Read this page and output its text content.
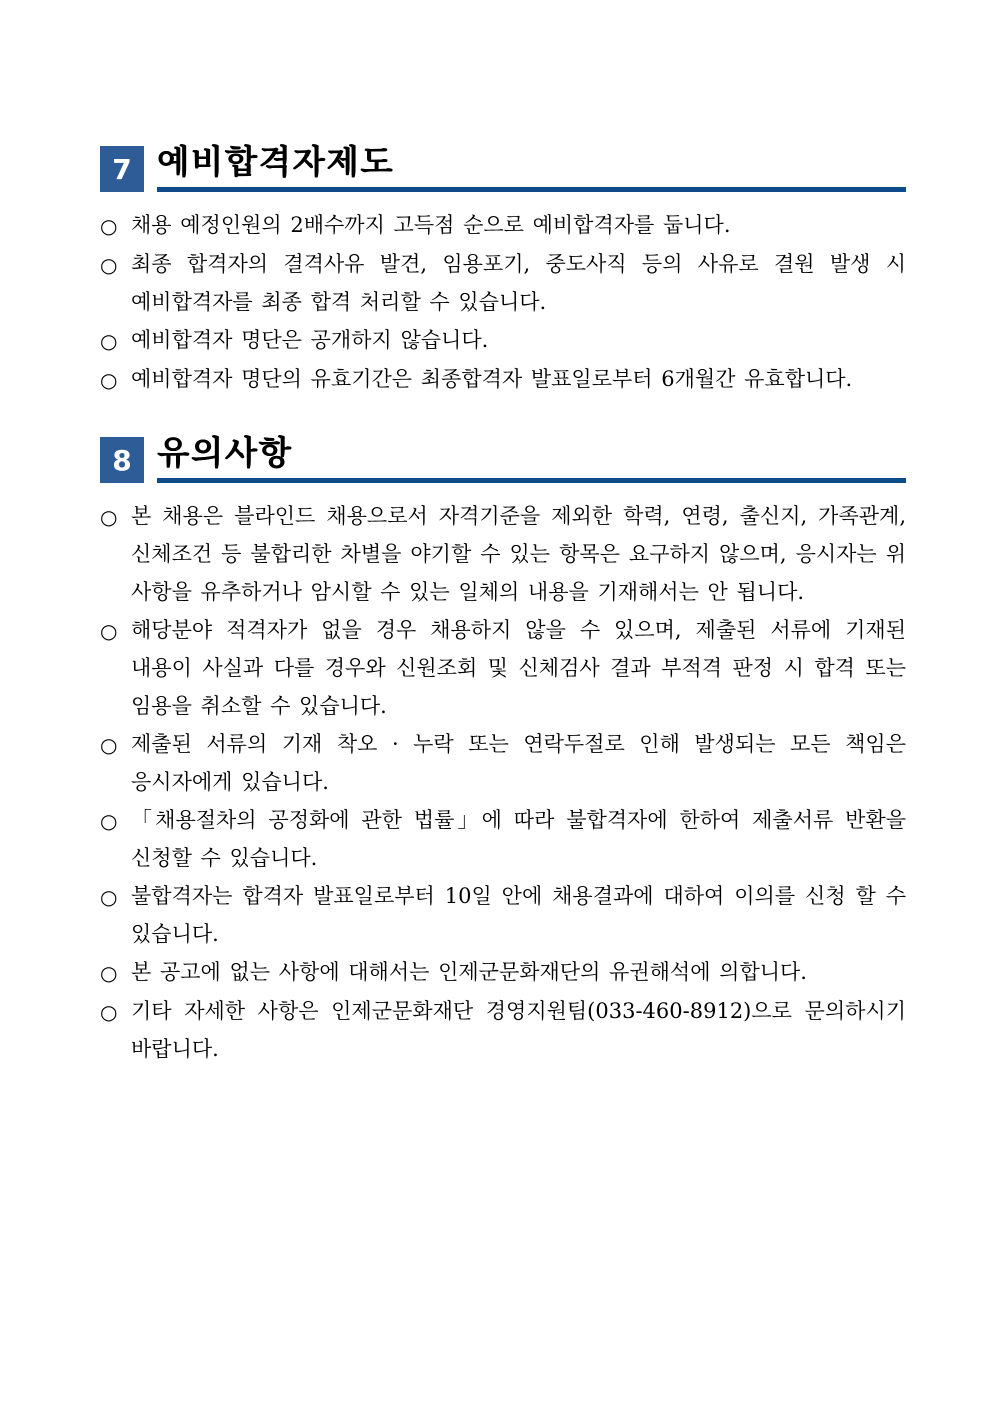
7 예비합격자제도
○ 채용 예정인원의 2배수까지 고득점 순으로 예비합격자를 둡니다.
○ 최종 합격자의 결격사유 발견, 임용포기, 중도사직 등의 사유로 결원 발생 시 예비합격자를 최종 합격 처리할 수 있습니다.
○ 예비합격자 명단은 공개하지 않습니다.
○ 예비합격자 명단의 유효기간은 최종합격자 발표일로부터 6개월간 유효합니다.
8 유의사항
○ 본 채용은 블라인드 채용으로서 자격기준을 제외한 학력, 연령, 출신지, 가족관계, 신체조건 등 불합리한 차별을 야기할 수 있는 항목은 요구하지 않으며, 응시자는 위 사항을 유추하거나 암시할 수 있는 일체의 내용을 기재해서는 안 됩니다.
○ 해당분야 적격자가 없을 경우 채용하지 않을 수 있으며, 제출된 서류에 기재된 내용이 사실과 다를 경우와 신원조회 및 신체검사 결과 부적격 판정 시 합격 또는 임용을 취소할 수 있습니다.
○ 제출된 서류의 기재 착오 · 누락 또는 연락두절로 인해 발생되는 모든 책임은 응시자에게 있습니다.
○ 「채용절차의 공정화에 관한 법률」에 따라 불합격자에 한하여 제출서류 반환을 신청할 수 있습니다.
○ 불합격자는 합격자 발표일로부터 10일 안에 채용결과에 대하여 이의를 신청 할 수 있습니다.
○ 본 공고에 없는 사항에 대해서는 인제군문화재단의 유권해석에 의합니다.
○ 기타 자세한 사항은 인제군문화재단 경영지원팀(033-460-8912)으로 문의하시기 바랍니다.
